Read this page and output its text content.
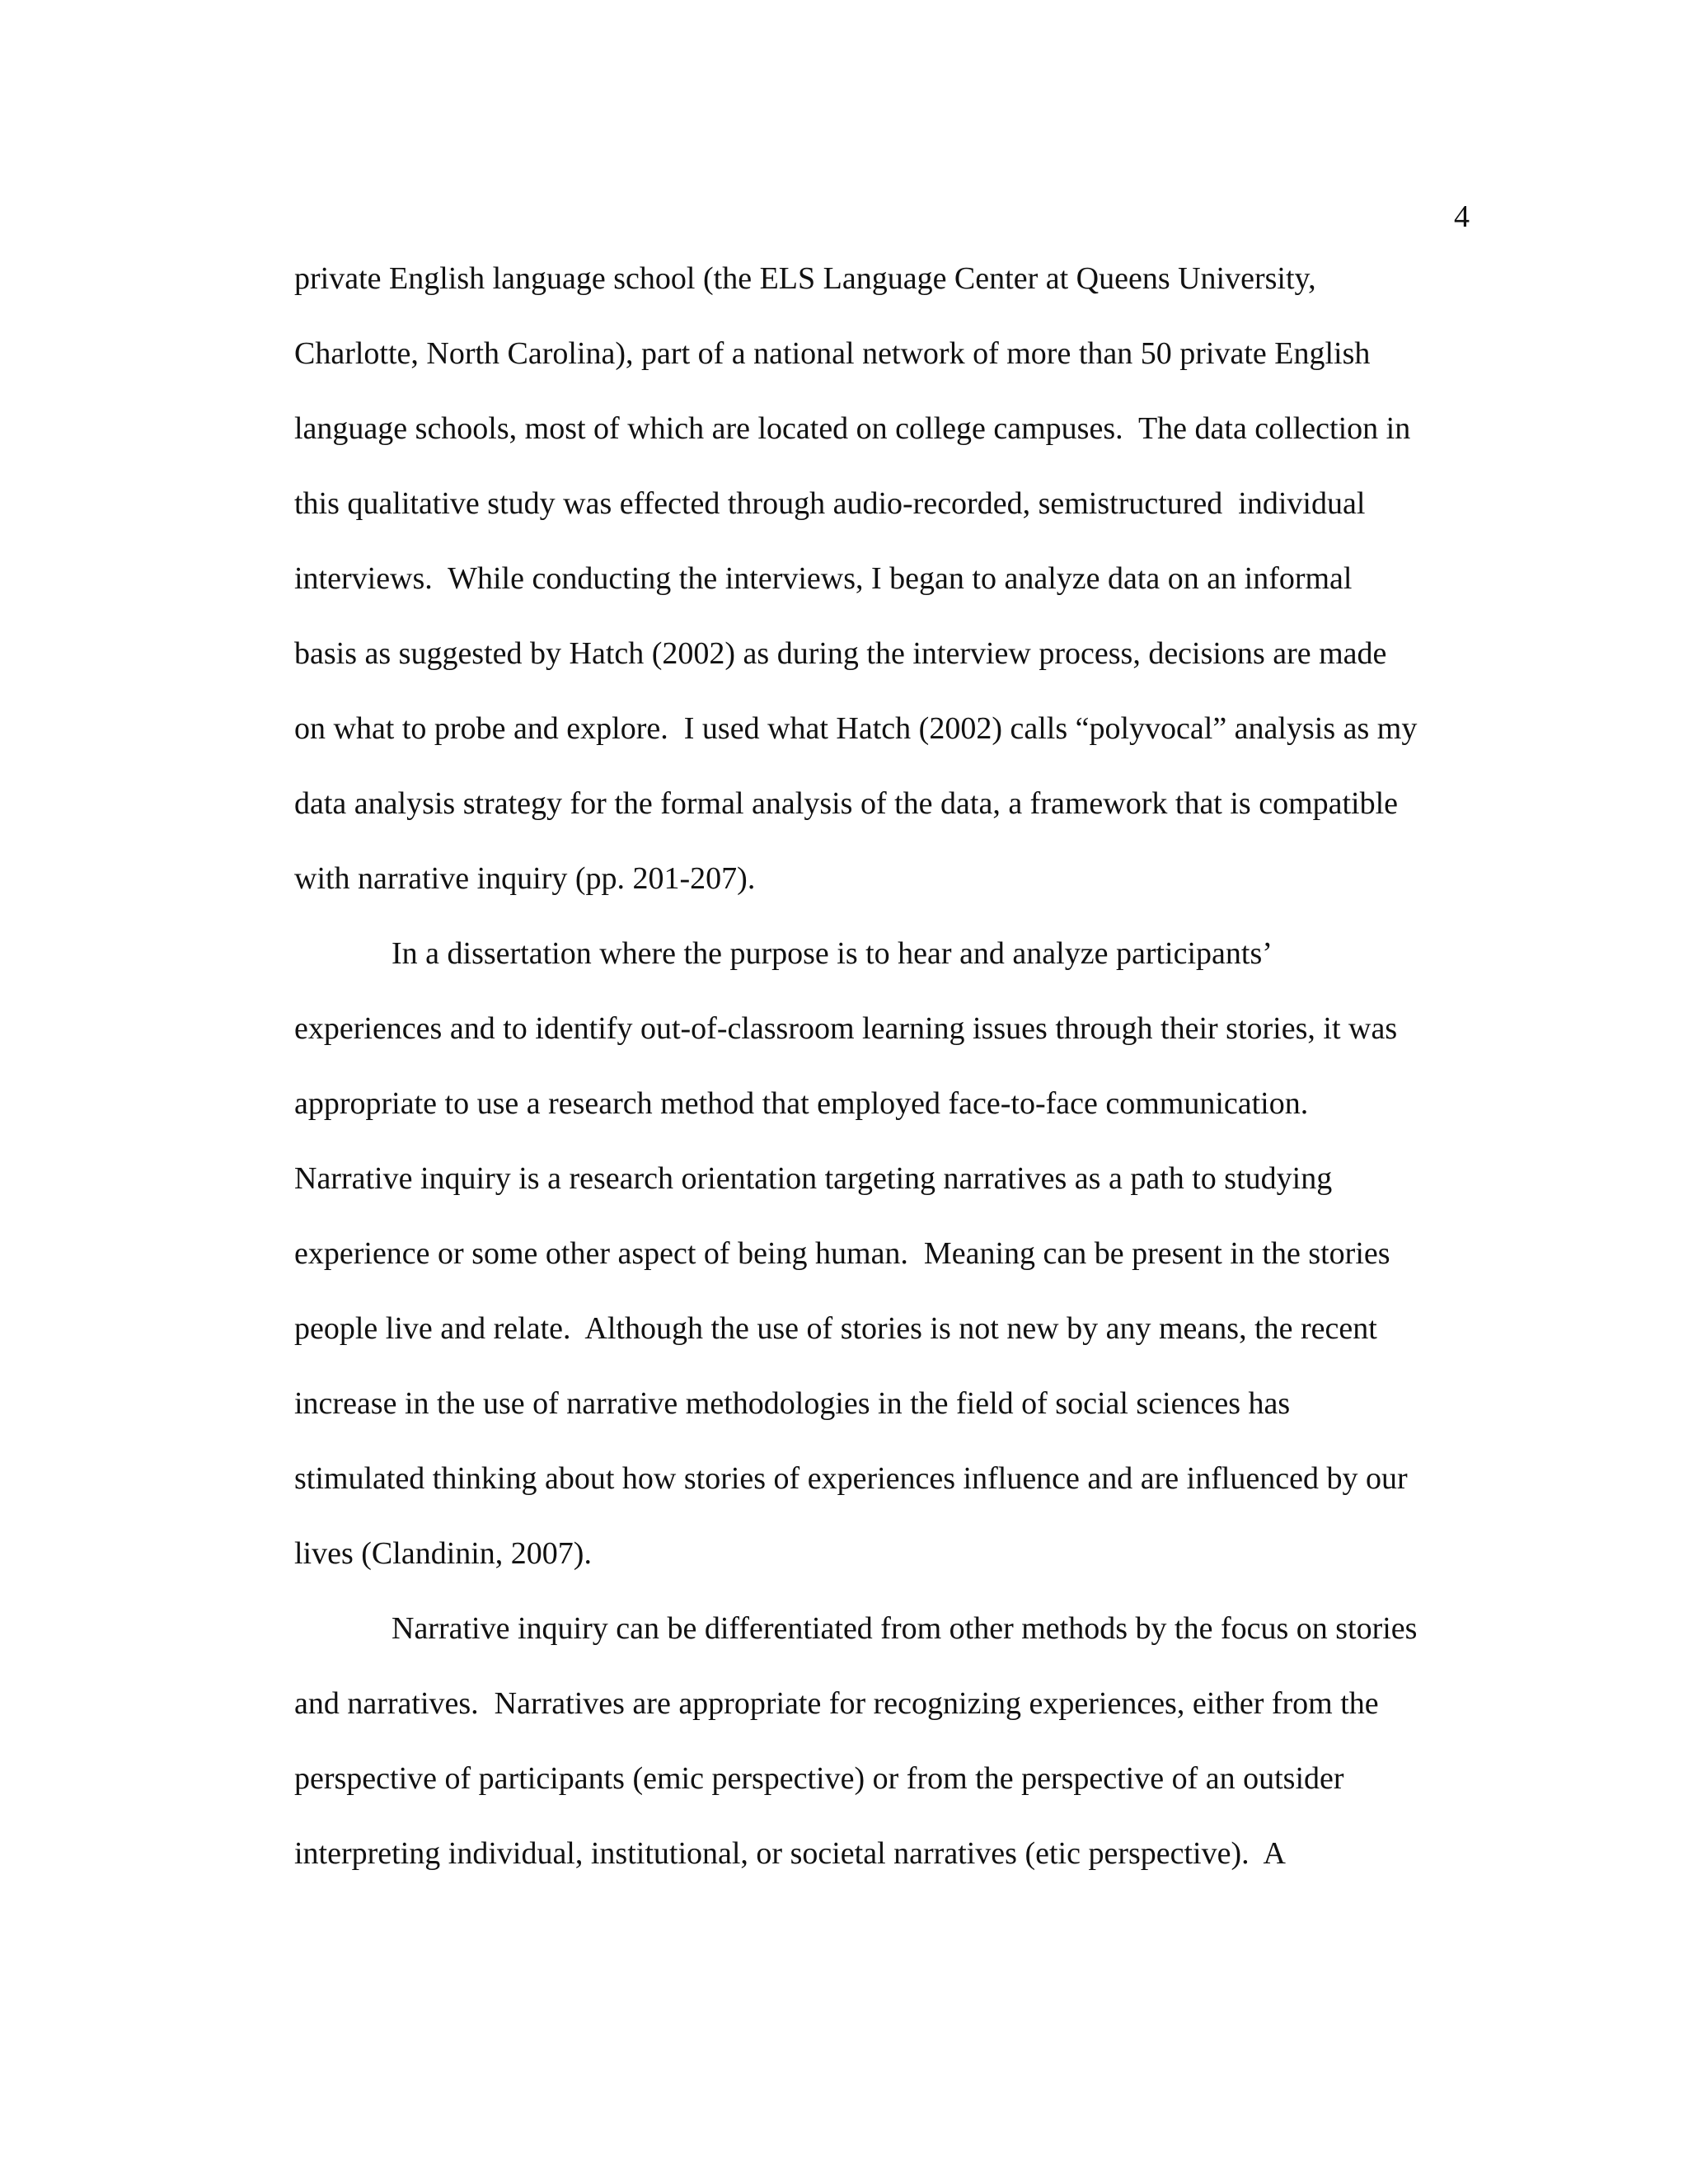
4
private English language school (the ELS Language Center at Queens University,
Charlotte, North Carolina), part of a national network of more than 50 private English
language schools, most of which are located on college campuses.  The data collection in
this qualitative study was effected through audio-recorded, semistructured  individual
interviews.  While conducting the interviews, I began to analyze data on an informal
basis as suggested by Hatch (2002) as during the interview process, decisions are made
on what to probe and explore.  I used what Hatch (2002) calls “polyvocal” analysis as my
data analysis strategy for the formal analysis of the data, a framework that is compatible
with narrative inquiry (pp. 201-207).
In a dissertation where the purpose is to hear and analyze participants’
experiences and to identify out-of-classroom learning issues through their stories, it was
appropriate to use a research method that employed face-to-face communication.
Narrative inquiry is a research orientation targeting narratives as a path to studying
experience or some other aspect of being human.  Meaning can be present in the stories
people live and relate.  Although the use of stories is not new by any means, the recent
increase in the use of narrative methodologies in the field of social sciences has
stimulated thinking about how stories of experiences influence and are influenced by our
lives (Clandinin, 2007).
Narrative inquiry can be differentiated from other methods by the focus on stories
and narratives.  Narratives are appropriate for recognizing experiences, either from the
perspective of participants (emic perspective) or from the perspective of an outsider
interpreting individual, institutional, or societal narratives (etic perspective).  A
